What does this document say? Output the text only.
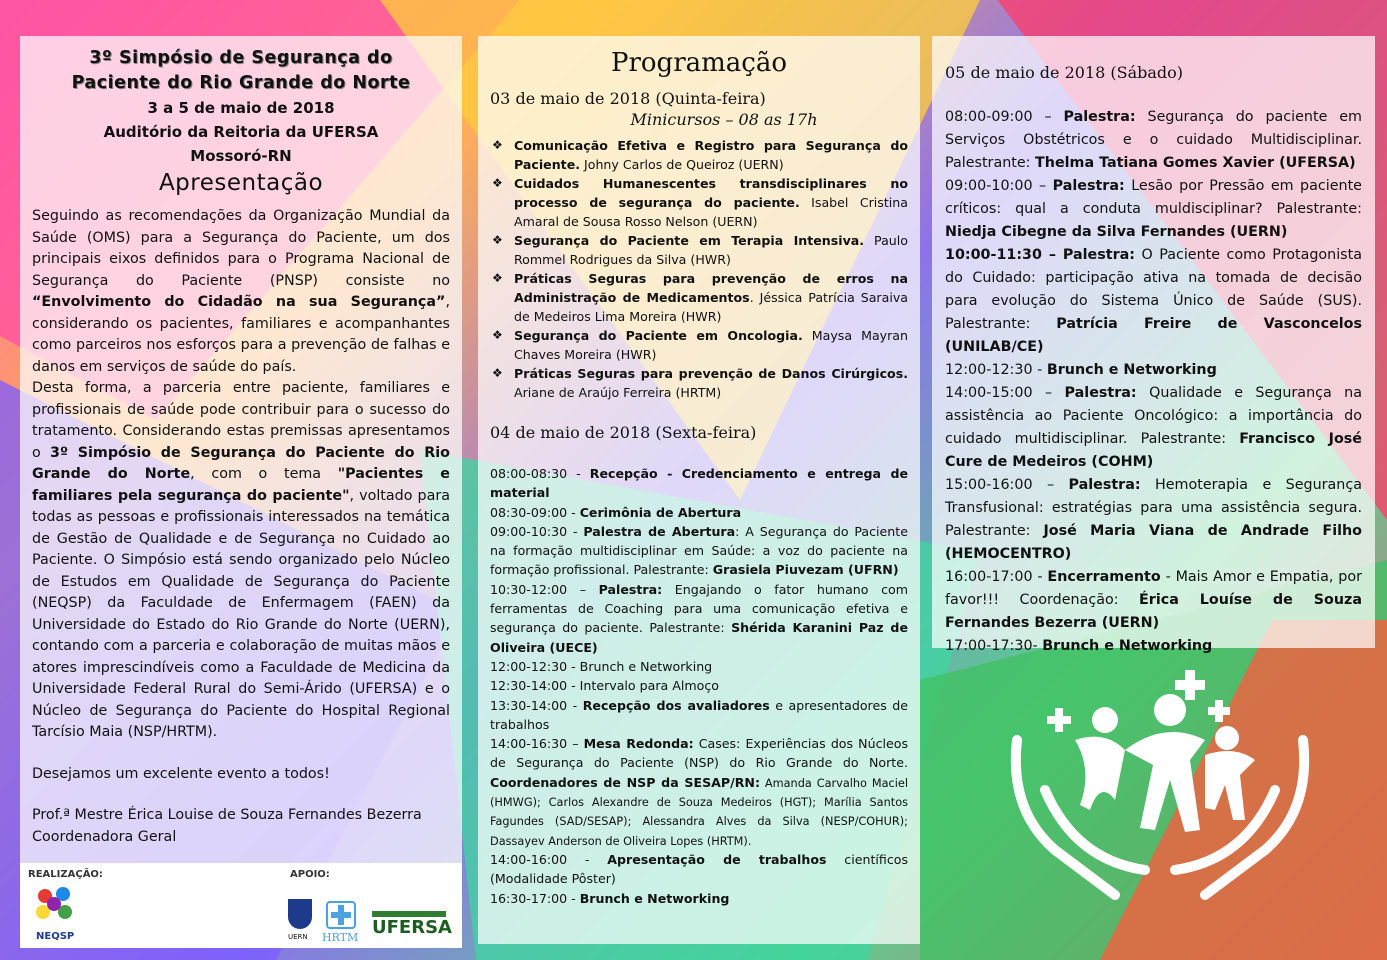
3º Simpósio de Segurança do
Paciente do Rio Grande do Norte
3 a 5 de maio de 2018
Auditório da Reitoria da UFERSA
Mossoró-RN
Apresentação

Seguindo as recomendações da Organização Mundial da Saúde (OMS) para a Segurança do Paciente, um dos principais eixos definidos para o Programa Nacional de Segurança do Paciente (PNSP) consiste no “Envolvimento do Cidadão na sua Segurança”, considerando os pacientes, familiares e acompanhantes como parceiros nos esforços para a prevenção de falhas e danos em serviços de saúde do país.

Desta forma, a parceria entre paciente, familiares e profissionais de saúde pode contribuir para o sucesso do tratamento. Considerando estas premissas apresentamos o 3º Simpósio de Segurança do Paciente do Rio Grande do Norte, com o tema "Pacientes e familiares pela segurança do paciente", voltado para todas as pessoas e profissionais interessados na temática de Gestão de Qualidade e de Segurança no Cuidado ao Paciente. O Simpósio está sendo organizado pelo Núcleo de Estudos em Qualidade de Segurança do Paciente (NEQSP) da Faculdade de Enfermagem (FAEN) da Universidade do Estado do Rio Grande do Norte (UERN), contando com a parceria e colaboração de muitas mãos e atores imprescindíveis como a Faculdade de Medicina da Universidade Federal Rural do Semi-Árido (UFERSA) e o Núcleo de Segurança do Paciente do Hospital Regional Tarcísio Maia (NSP/HRTM).

Desejamos um excelente evento a todos!

Prof.ª Mestre Érica Louise de Souza Fernandes Bezerra

Coordenadora Geral

REALIZAÇÃO:	APOIO:
NEQSP	UERN HRTM UFERSA
Programação

03 de maio de 2018 (Quinta-feira)

Minicursos – 08 as 17h

❖ Comunicação Efetiva e Registro para Segurança do Paciente. Johny Carlos de Queiroz (UERN)
❖ Cuidados Humanescentes transdisciplinares no processo de segurança do paciente. Isabel Cristina Amaral de Sousa Rosso Nelson (UERN)
❖ Segurança do Paciente em Terapia Intensiva. Paulo Rommel Rodrigues da Silva (HWR)
❖ Práticas Seguras para prevenção de erros na Administração de Medicamentos. Jéssica Patrícia Saraiva de Medeiros Lima Moreira (HWR)
❖ Segurança do Paciente em Oncologia. Maysa Mayran Chaves Moreira (HWR)
❖ Práticas Seguras para prevenção de Danos Cirúrgicos. Ariane de Araújo Ferreira (HRTM)

04 de maio de 2018 (Sexta-feira)

08:00-08:30 - Recepção - Credenciamento e entrega de material

08:30-09:00 - Cerimônia de Abertura

09:00-10:30 - Palestra de Abertura: A Segurança do Paciente na formação multidisciplinar em Saúde: a voz do paciente na formação profissional. Palestrante: Grasiela Piuvezam (UFRN)

10:30-12:00 – Palestra: Engajando o fator humano com ferramentas de Coaching para uma comunicação efetiva e segurança do paciente. Palestrante: Shérida Karanini Paz de Oliveira (UECE)

12:00-12:30 - Brunch e Networking

12:30-14:00 - Intervalo para Almoço

13:30-14:00 - Recepção dos avaliadores e apresentadores de trabalhos

14:00-16:30 – Mesa Redonda: Cases: Experiências dos Núcleos de Segurança do Paciente (NSP) do Rio Grande do Norte. Coordenadores de NSP da SESAP/RN: Amanda Carvalho Maciel (HMWG); Carlos Alexandre de Souza Medeiros (HGT); Marília Santos Fagundes (SAD/SESAP); Alessandra Alves da Silva (NESP/COHUR); Dassayev Anderson de Oliveira Lopes (HRTM).

14:00-16:00 - Apresentação de trabalhos científicos (Modalidade Pôster)

16:30-17:00 - Brunch e Networking

05 de maio de 2018 (Sábado)

08:00-09:00 – Palestra: Segurança do paciente em Serviços Obstétricos e o cuidado Multidisciplinar. Palestrante: Thelma Tatiana Gomes Xavier (UFERSA)

09:00-10:00 – Palestra: Lesão por Pressão em paciente críticos: qual a conduta muldisciplinar? Palestrante: Niedja Cibegne da Silva Fernandes (UERN)

10:00-11:30 – Palestra: O Paciente como Protagonista do Cuidado: participação ativa na tomada de decisão para evolução do Sistema Único de Saúde (SUS). Palestrante: Patrícia Freire de Vasconcelos (UNILAB/CE)

12:00-12:30 - Brunch e Networking

14:00-15:00 – Palestra: Qualidade e Segurança na assistência ao Paciente Oncológico: a importância do cuidado multidisciplinar. Palestrante: Francisco José Cure de Medeiros (COHM)

15:00-16:00 – Palestra: Hemoterapia e Segurança Transfusional: estratégias para uma assistência segura. Palestrante: José Maria Viana de Andrade Filho (HEMOCENTRO)

16:00-17:00 - Encerramento - Mais Amor e Empatia, por favor!!! Coordenação: Érica Louíse de Souza Fernandes Bezerra (UERN)

17:00-17:30- Brunch e Networking
